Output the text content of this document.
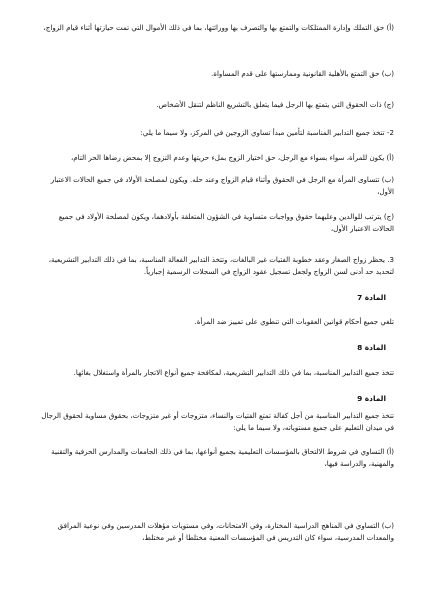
(أ) حق التملك وإدارة الممتلكات والتمتع بها والتصرف بها وورائتها، بما في ذلك الأموال التي تمت حيازتها أثناء قيام الزواج،

(ب) حق التمتع بالأهلية القانونية وممارستها على قدم المساواة.

(ج) ذات الحقوق التي يتمتع بها الرجل فيما يتعلق بالتشريع الناظم لتنقل الأشخاص.

2- تتخذ جميع التدابير المناسبة لتأمين مبدأ تساوي الزوجين في المركز، ولا سيما ما يلي:

(أ) يكون للمرأة، سواء بسواء مع الرجل، حق اختيار الزوج بملء حريتها وعدم التزوج إلا بمحض رضاها الحر التام،

(ب) تتساوى المرأة مع الرجل في الحقوق وأثناء قيام الزواج وعند حله. ويكون لمصلحة الأولاد في جميع الحالات الاعتبار الأول،

(ج) يترتب للوالدين وعليهما حقوق وواجبات متساوية في الشؤون المتعلقة بأولادهما، ويكون لمصلحة الأولاد في جميع الحالات الاعتبار الأول،

3. يحظر زواج الصغار وعقد خطوبة الفتيات غير البالغات، وتتخذ التدابير الفعالة المناسبة، بما في ذلك التدابير التشريعية، لتحديد حد أدنى لسن الزواج ولجعل تسجيل عقود الزواج في السجلات الرسمية إجبارياً.

المادة 7

تلغي جميع أحكام قوانين العقوبات التي تنطوي على تمييز ضد المرأة.

المادة 8

تتخذ جميع التدابير المناسبة، بما في ذلك التدابير التشريعية، لمكافحة جميع أنواع الاتجار بالمرأة واستغلال بغائها.

المادة 9

تتخذ جميع التدابير المناسبة من أجل كفالة تمتع الفتيات والنساء، متزوجات أو غير متزوجات، بحقوق مساوية لحقوق الرجال في ميدان التعليم على جميع مستوياته، ولا سيما ما يلي:

(أ) التساوي في شروط الالتحاق بالمؤسسات التعليمية بجميع أنواعها، بما في ذلك الجامعات والمدارس الحرفية والتقنية والمهنية، والدراسة فيها،

(ب) التساوي في المناهج الدراسية المختارة، وفي الامتحانات، وفي مستويات مؤهلات المدرسين وفي نوعية المرافق والمعدات المدرسية، سواء كان التدريس في المؤسسات المعنية مختلطا أو غير مختلط،
